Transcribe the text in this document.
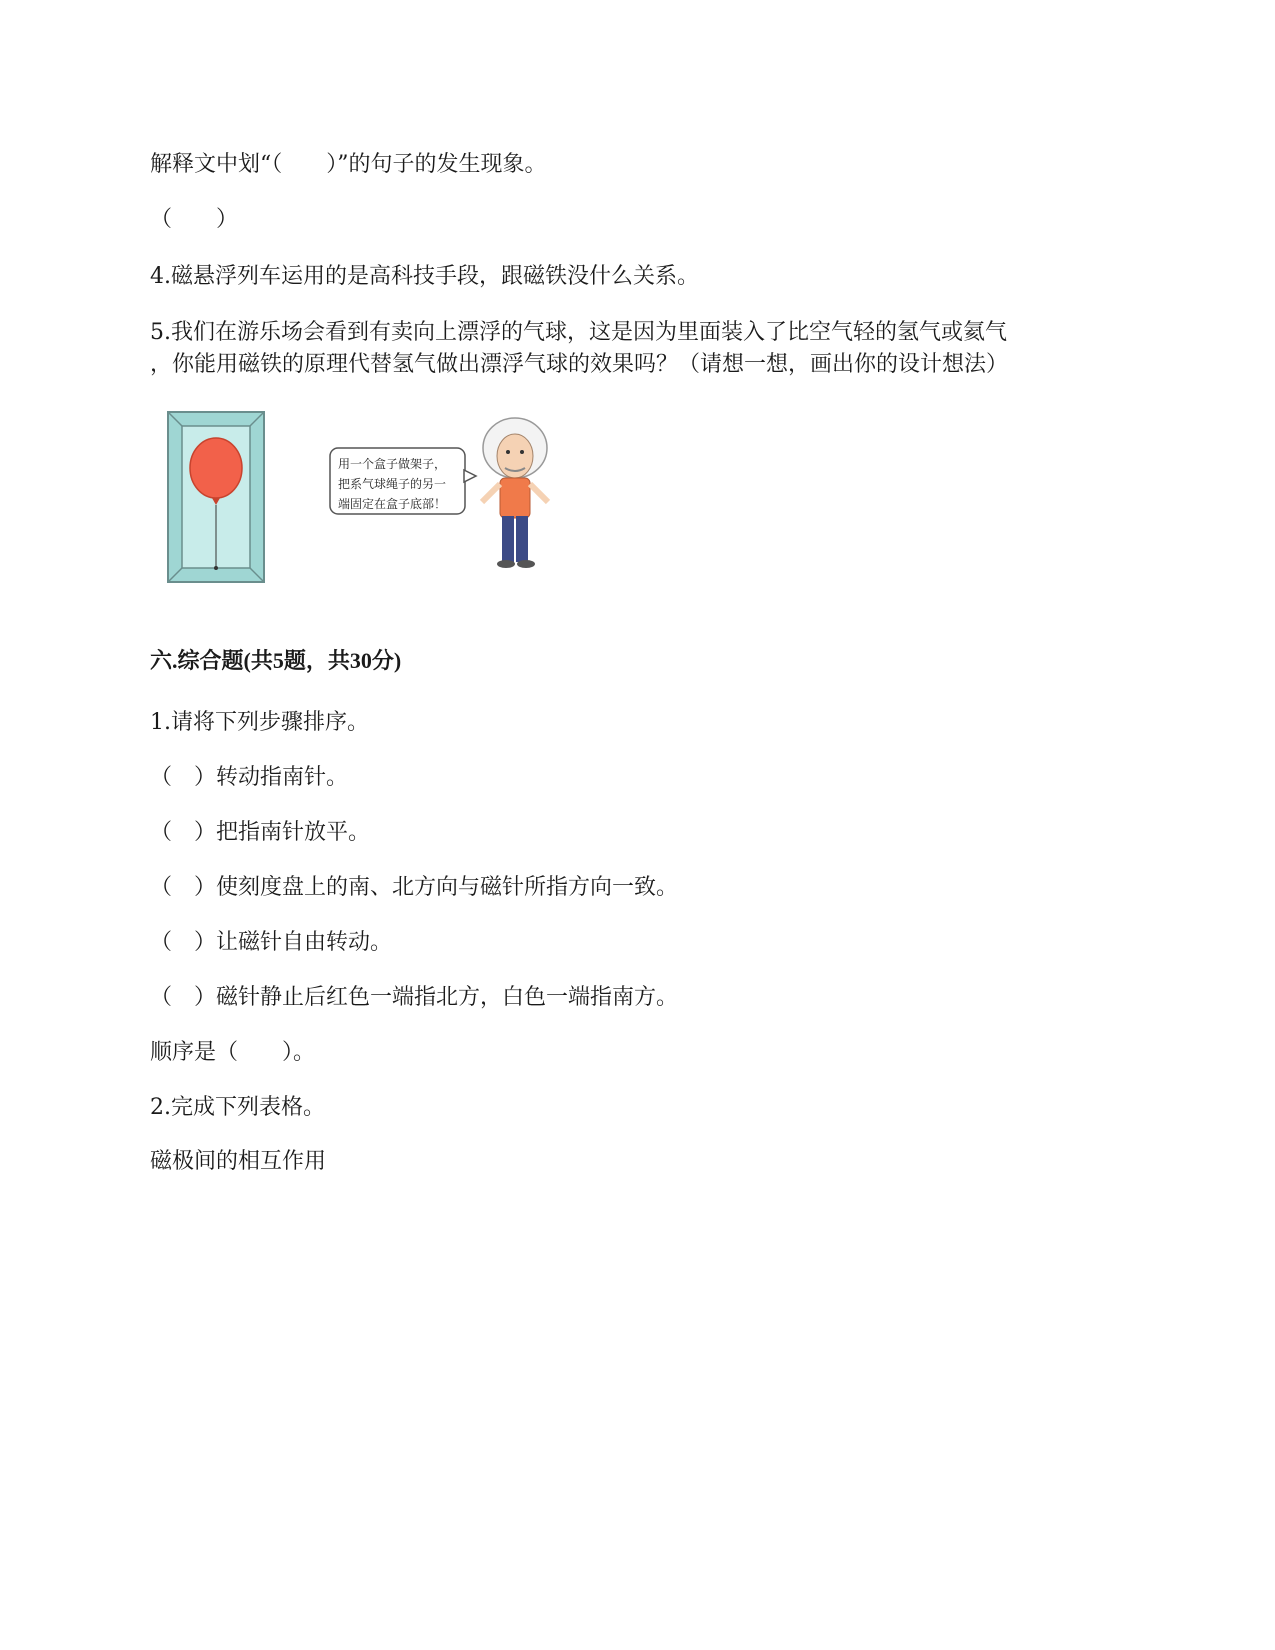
解释文中划“（　　）”的句子的发生现象。
（　　）
4.磁悬浮列车运用的是高科技手段，跟磁铁没什么关系。
5.我们在游乐场会看到有卖向上漂浮的气球，这是因为里面装入了比空气轻的氢气或氦气
，你能用磁铁的原理代替氢气做出漂浮气球的效果吗？（请想一想，画出你的设计想法）
用一个盒子做架子，
把系气球绳子的另一
端固定在盒子底部！
六.综合题(共5题，共30分)
1.请将下列步骤排序。
（　）转动指南针。
（　）把指南针放平。
（　）使刻度盘上的南、北方向与磁针所指方向一致。
（　）让磁针自由转动。
（　）磁针静止后红色一端指北方，白色一端指南方。
顺序是（　　）。
2.完成下列表格。
磁极间的相互作用
